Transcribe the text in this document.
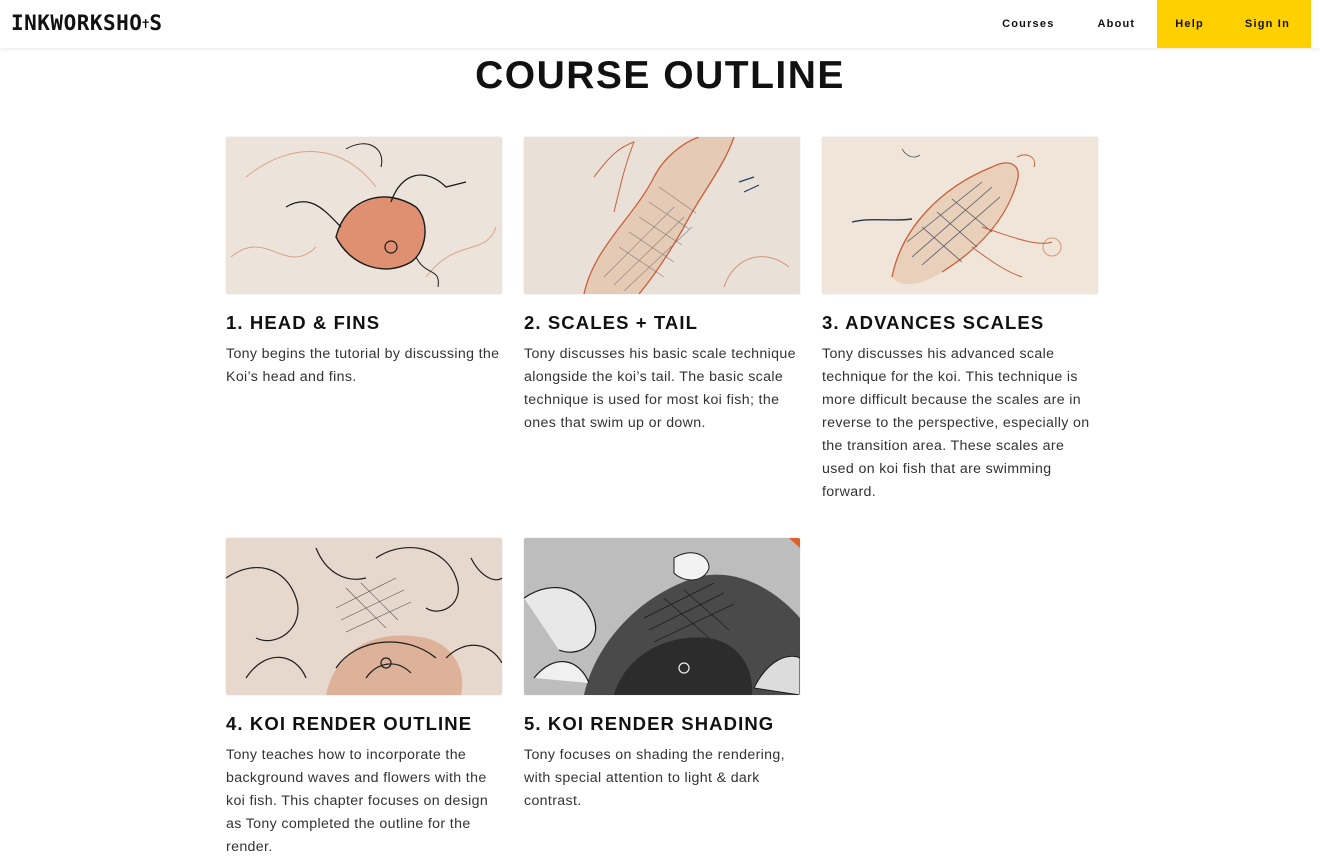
INKWORKSHO✝S	Courses	About	Help	Sign In
COURSE OUTLINE
1. HEAD & FINS
Tony begins the tutorial by discussing the Koi’s head and fins.
2. SCALES + TAIL
Tony discusses his basic scale technique alongside the koi’s tail. The basic scale technique is used for most koi fish; the ones that swim up or down.
3. ADVANCES SCALES
Tony discusses his advanced scale technique for the koi. This technique is more difficult because the scales are in reverse to the perspective, especially on the transition area. These scales are used on koi fish that are swimming forward.
4. KOI RENDER OUTLINE
Tony teaches how to incorporate the background waves and flowers with the koi fish. This chapter focuses on design as Tony completed the outline for the render.
5. KOI RENDER SHADING
Tony focuses on shading the rendering, with special attention to light & dark contrast.
